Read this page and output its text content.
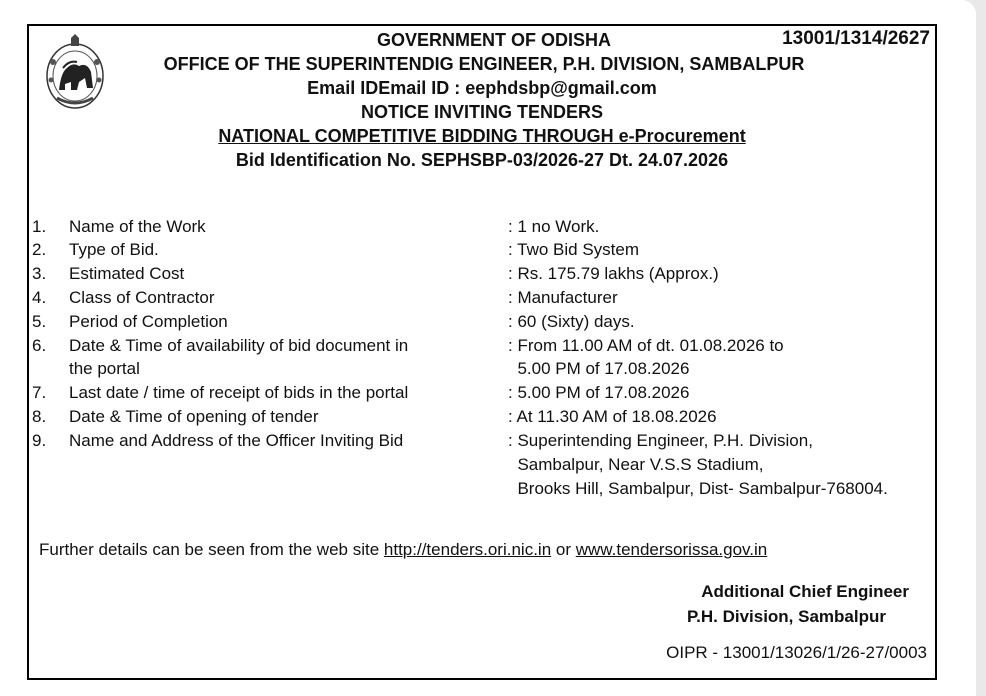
13001/1314/2627
GOVERNMENT OF ODISHA
OFFICE OF THE SUPERINTENDIG ENGINEER, P.H. DIVISION, SAMBALPUR
Email IDEmail ID : eephdsbp@gmail.com
NOTICE INVITING TENDERS
NATIONAL COMPETITIVE BIDDING THROUGH e-Procurement
Bid Identification No. SEPHSBP-03/2026-27 Dt. 24.07.2026
1. Name of the Work	: 1 no Work.
2. Type of Bid.	: Two Bid System
3. Estimated Cost	: Rs. 175.79 lakhs (Approx.)
4. Class of Contractor	: Manufacturer
5. Period of Completion	: 60 (Sixty) days.
6. Date & Time of availability of bid document in	: From 11.00 AM of dt. 01.08.2026 to
the portal	5.00 PM of 17.08.2026
7. Last date / time of receipt of bids in the portal	: 5.00 PM of 17.08.2026
8. Date & Time of opening of tender	: At 11.30 AM of 18.08.2026
9. Name and Address of the Officer Inviting Bid	: Superintending Engineer, P.H. Division,
Sambalpur, Near V.S.S Stadium,
Brooks Hill, Sambalpur, Dist- Sambalpur-768004.
Further details can be seen from the web site http://tenders.ori.nic.in or www.tendersorissa.gov.in
Additional Chief Engineer
P.H. Division, Sambalpur
OIPR - 13001/13026/1/26-27/0003
